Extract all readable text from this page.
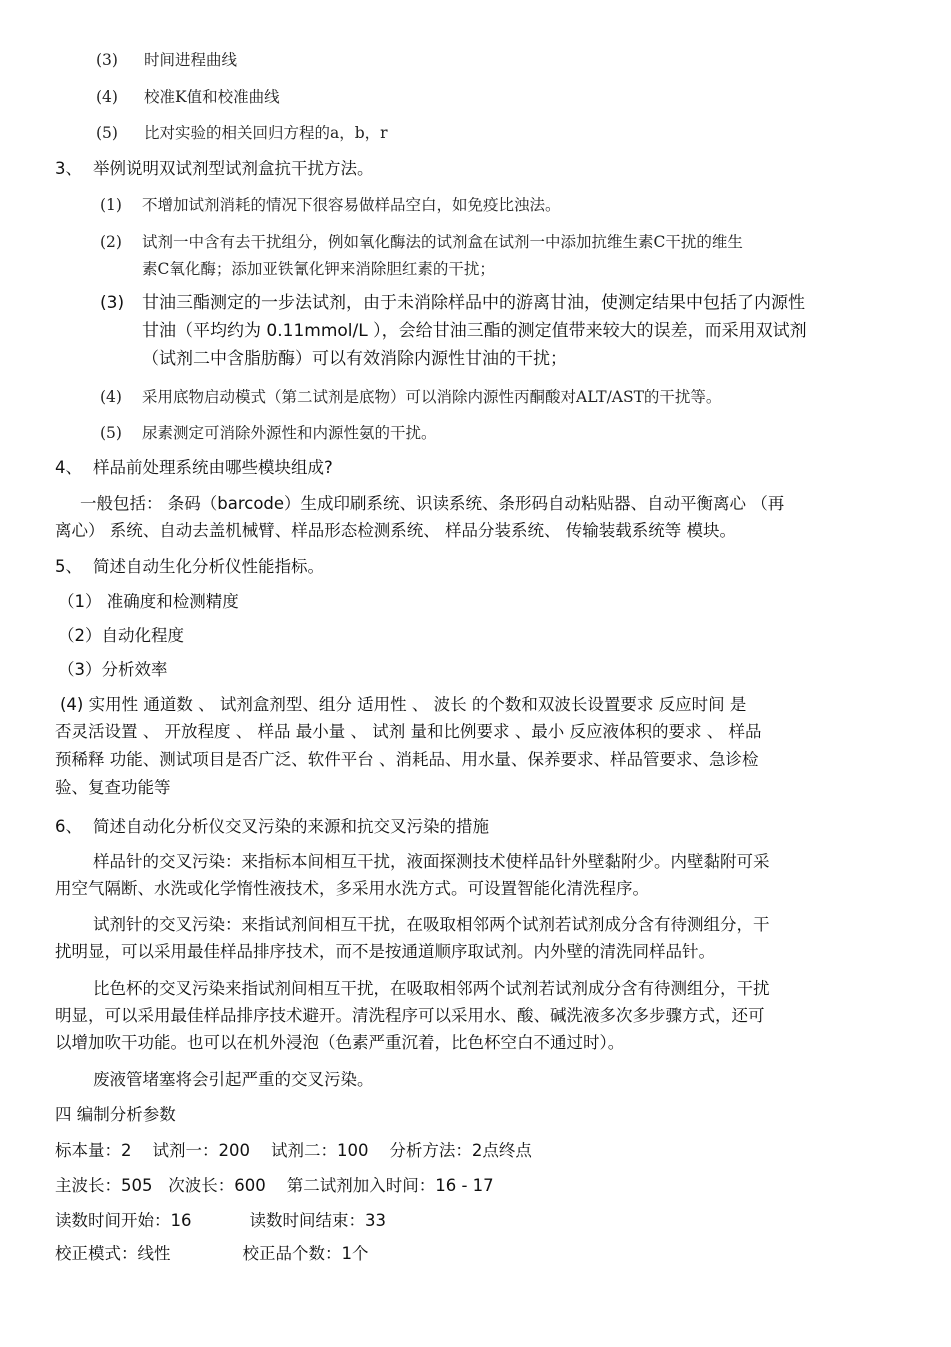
(3) 时间进程曲线
(4) 校准K值和校准曲线
(5) 比对实验的相关回归方程的a，b，r
3、 举例说明双试剂型试剂盒抗干扰方法。
(1) 不增加试剂消耗的情况下很容易做样品空白，如免疫比浊法。
(2) 试剂一中含有去干扰组分，例如氧化酶法的试剂盒在试剂一中添加抗维生素C干扰的维生
素C氧化酶；添加亚铁氰化钾来消除胆红素的干扰；
(3) 甘油三酯测定的一步法试剂，由于未消除样品中的游离甘油，使测定结果中包括了内源性
甘油（平均约为 0.11mmol/L ），会给甘油三酯的测定值带来较大的误差，而采用双试剂
（试剂二中含脂肪酶）可以有效消除内源性甘油的干扰；
(4) 采用底物启动模式（第二试剂是底物）可以消除内源性丙酮酸对ALT/AST的干扰等。
(5) 尿素测定可消除外源性和内源性氨的干扰。
4、 样品前处理系统由哪些模块组成?
一般包括： 条码（barcode）生成印刷系统、识读系统、条形码自动粘贴器、自动平衡离心 （再
离心） 系统、自动去盖机械臂、样品形态检测系统、 样品分装系统、 传输装载系统等 模块。
5、 简述自动生化分析仪性能指标。
（1） 准确度和检测精度
（2）自动化程度
（3）分析效率
(4) 实用性 通道数 、 试剂盒剂型、组分 适用性 、 波长 的个数和双波长设置要求 反应时间 是
否灵活设置 、 开放程度 、 样品 最小量 、 试剂 量和比例要求 、最小 反应液体积的要求 、 样品
预稀释 功能、测试项目是否广泛、软件平台 、消耗品、用水量、保养要求、样品管要求、急诊检
验、复查功能等
6、 简述自动化分析仪交叉污染的来源和抗交叉污染的措施
样品针的交叉污染：来指标本间相互干扰，液面探测技术使样品针外壁黏附少。内壁黏附可采
用空气隔断、水洗或化学惰性液技术，多采用水洗方式。可设置智能化清洗程序。
试剂针的交叉污染：来指试剂间相互干扰，在吸取相邻两个试剂若试剂成分含有待测组分，干
扰明显，可以采用最佳样品排序技术，而不是按通道顺序取试剂。内外壁的清洗同样品针。
比色杯的交叉污染来指试剂间相互干扰，在吸取相邻两个试剂若试剂成分含有待测组分，干扰
明显，可以采用最佳样品排序技术避开。清洗程序可以采用水、酸、碱洗液多次多步骤方式，还可
以增加吹干功能。也可以在机外浸泡（色素严重沉着，比色杯空白不通过时）。
废液管堵塞将会引起严重的交叉污染。
四 编制分析参数
标本量：2    试剂一：200    试剂二：100    分析方法：2点终点
主波长：505   次波长：600    第二试剂加入时间：16 - 17
读数时间开始：16	读数时间结束：33
校正模式：线性	校正品个数：1个
